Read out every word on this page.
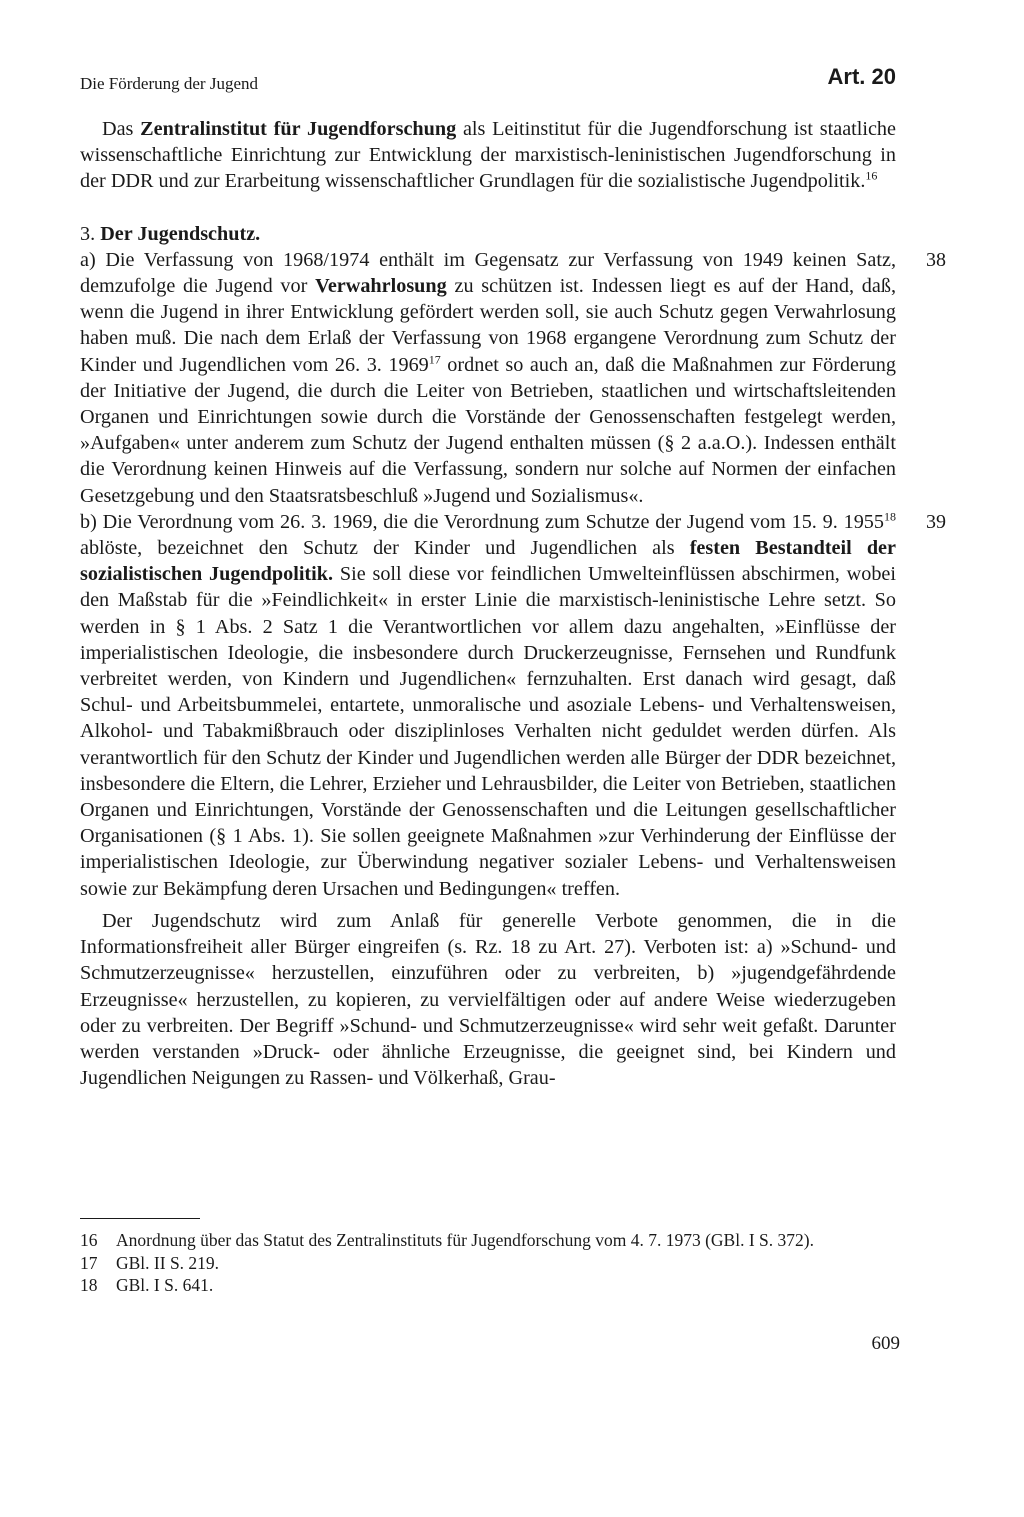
Die Förderung der Jugend	Art. 20

Das Zentralinstitut für Jugendforschung als Leitinstitut für die Jugendforschung ist staatliche wissenschaftliche Einrichtung zur Entwicklung der marxistisch-leninistischen Jugendforschung in der DDR und zur Erarbeitung wissenschaftlicher Grundlagen für die sozialistische Jugendpolitik.$^{16}$

3. Der Jugendschutz.

38
a) Die Verfassung von 1968/1974 enthält im Gegensatz zur Verfassung von 1949 keinen Satz, demzufolge die Jugend vor Verwahrlosung zu schützen ist. Indessen liegt es auf der Hand, daß, wenn die Jugend in ihrer Entwicklung gefördert werden soll, sie auch Schutz gegen Verwahrlosung haben muß. Die nach dem Erlaß der Verfassung von 1968 ergangene Verordnung zum Schutz der Kinder und Jugendlichen vom 26. 3. 1969$^{17}$ ordnet so auch an, daß die Maßnahmen zur Förderung der Initiative der Jugend, die durch die Leiter von Betrieben, staatlichen und wirtschaftsleitenden Organen und Einrichtungen sowie durch die Vorstände der Genossenschaften festgelegt werden, »Aufgaben« unter anderem zum Schutz der Jugend enthalten müssen (§ 2 a.a.O.). Indessen enthält die Verordnung keinen Hinweis auf die Verfassung, sondern nur solche auf Normen der einfachen Gesetzgebung und den Staatsratsbeschluß »Jugend und Sozialismus«.

39
b) Die Verordnung vom 26. 3. 1969, die die Verordnung zum Schutze der Jugend vom 15. 9. 1955$^{18}$ ablöste, bezeichnet den Schutz der Kinder und Jugendlichen als festen Bestandteil der sozialistischen Jugendpolitik. Sie soll diese vor feindlichen Umwelteinflüssen abschirmen, wobei den Maßstab für die »Feindlichkeit« in erster Linie die marxistisch-leninistische Lehre setzt. So werden in § 1 Abs. 2 Satz 1 die Verantwortlichen vor allem dazu angehalten, »Einflüsse der imperialistischen Ideologie, die insbesondere durch Druckerzeugnisse, Fernsehen und Rundfunk verbreitet werden, von Kindern und Jugendlichen« fernzuhalten. Erst danach wird gesagt, daß Schul- und Arbeitsbummelei, entartete, unmoralische und asoziale Lebens- und Verhaltensweisen, Alkohol- und Tabakmißbrauch oder disziplinloses Verhalten nicht geduldet werden dürfen. Als verantwortlich für den Schutz der Kinder und Jugendlichen werden alle Bürger der DDR bezeichnet, insbesondere die Eltern, die Lehrer, Erzieher und Lehrausbilder, die Leiter von Betrieben, staatlichen Organen und Einrichtungen, Vorstände der Genossenschaften und die Leitungen gesellschaftlicher Organisationen (§ 1 Abs. 1). Sie sollen geeignete Maßnahmen »zur Verhinderung der Einflüsse der imperialistischen Ideologie, zur Überwindung negativer sozialer Lebens- und Verhaltensweisen sowie zur Bekämpfung deren Ursachen und Bedingungen« treffen.

Der Jugendschutz wird zum Anlaß für generelle Verbote genommen, die in die Informationsfreiheit aller Bürger eingreifen (s. Rz. 18 zu Art. 27). Verboten ist: a) »Schund- und Schmutzerzeugnisse« herzustellen, einzuführen oder zu verbreiten, b) »jugendgefährdende Erzeugnisse« herzustellen, zu kopieren, zu vervielfältigen oder auf andere Weise wiederzugeben oder zu verbreiten. Der Begriff »Schund- und Schmutzerzeugnisse« wird sehr weit gefaßt. Darunter werden verstanden »Druck- oder ähnliche Erzeugnisse, die geeignet sind, bei Kindern und Jugendlichen Neigungen zu Rassen- und Völkerhaß, Grau-

16	Anordnung über das Statut des Zentralinstituts für Jugendforschung vom 4. 7. 1973 (GBl. I S. 372).
17	GBl. II S. 219.
18	GBl. I S. 641.
609
